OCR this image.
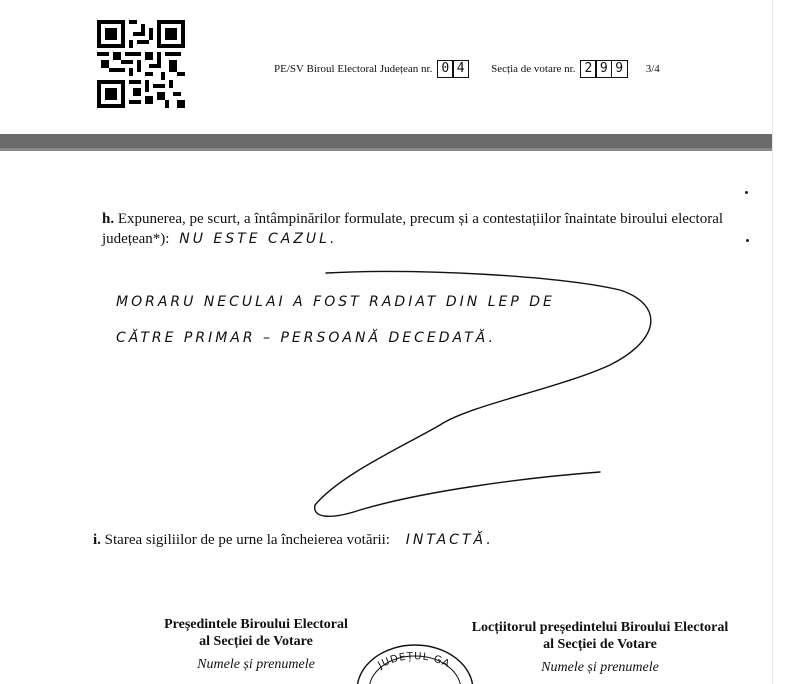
PE/SV Biroul Electoral Județean nr. 0 4	Secția de votare nr. 2 9 9	3/4
h. Expunerea, pe scurt, a întâmpinărilor formulate, precum și a contestațiilor înaintate biroului electoral județean*): NU ESTE CAZUL.
MORARU NECULAI A FOST RADIAT DIN LEP DE
CĂTRE PRIMAR – PERSOANĂ DECEDATĂ.
i. Starea sigiliilor de pe urne la încheierea votării: INTACTĂ.
Președintele Biroului Electoral
al Secției de Votare
Numele și prenumele
Locțiitorul președintelui Biroului Electoral
al Secției de Votare
Numele și prenumele
JUDEȚUL GA
